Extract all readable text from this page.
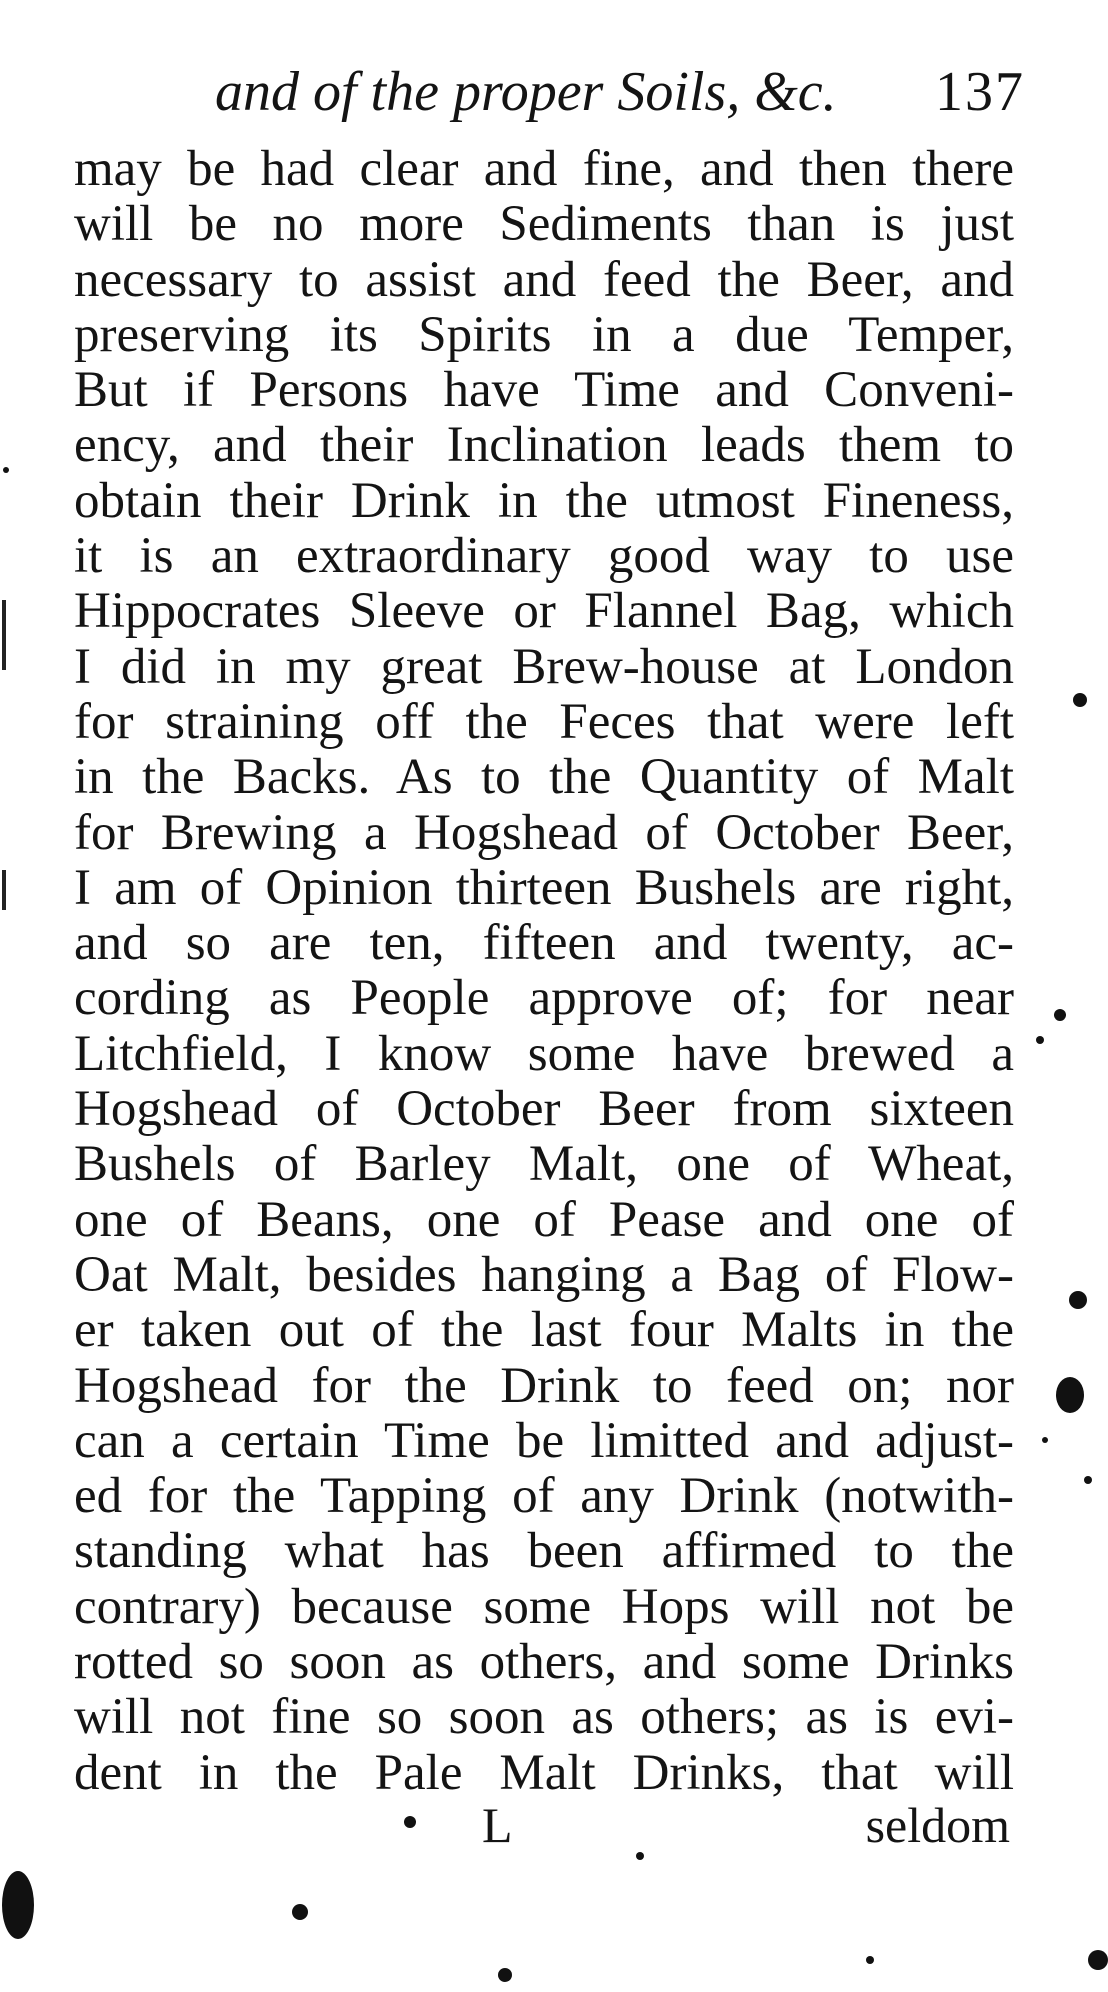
and of the proper Soils, &c. 137
may be had clear and fine, and then there
will be no more Sediments than is just
necessary to assist and feed the Beer, and
preserving its Spirits in a due Temper,
But if Persons have Time and Conveni-
ency, and their Inclination leads them to
obtain their Drink in the utmost Fineness,
it is an extraordinary good way to use
Hippocrates Sleeve or Flannel Bag, which
I did in my great Brew-house at London
for straining off the Feces that were left
in the Backs. As to the Quantity of Malt
for Brewing a Hogshead of October Beer,
I am of Opinion thirteen Bushels are right,
and so are ten, fifteen and twenty, ac-
cording as People approve of; for near
Litchfield, I know some have brewed a
Hogshead of October Beer from sixteen
Bushels of Barley Malt, one of Wheat,
one of Beans, one of Pease and one of
Oat Malt, besides hanging a Bag of Flow-
er taken out of the last four Malts in the
Hogshead for the Drink to feed on; nor
can a certain Time be limitted and adjust-
ed for the Tapping of any Drink (notwith-
standing what has been affirmed to the
contrary) because some Hops will not be
rotted so soon as others, and some Drinks
will not fine so soon as others; as is evi-
dent in the Pale Malt Drinks, that will
L	seldom
